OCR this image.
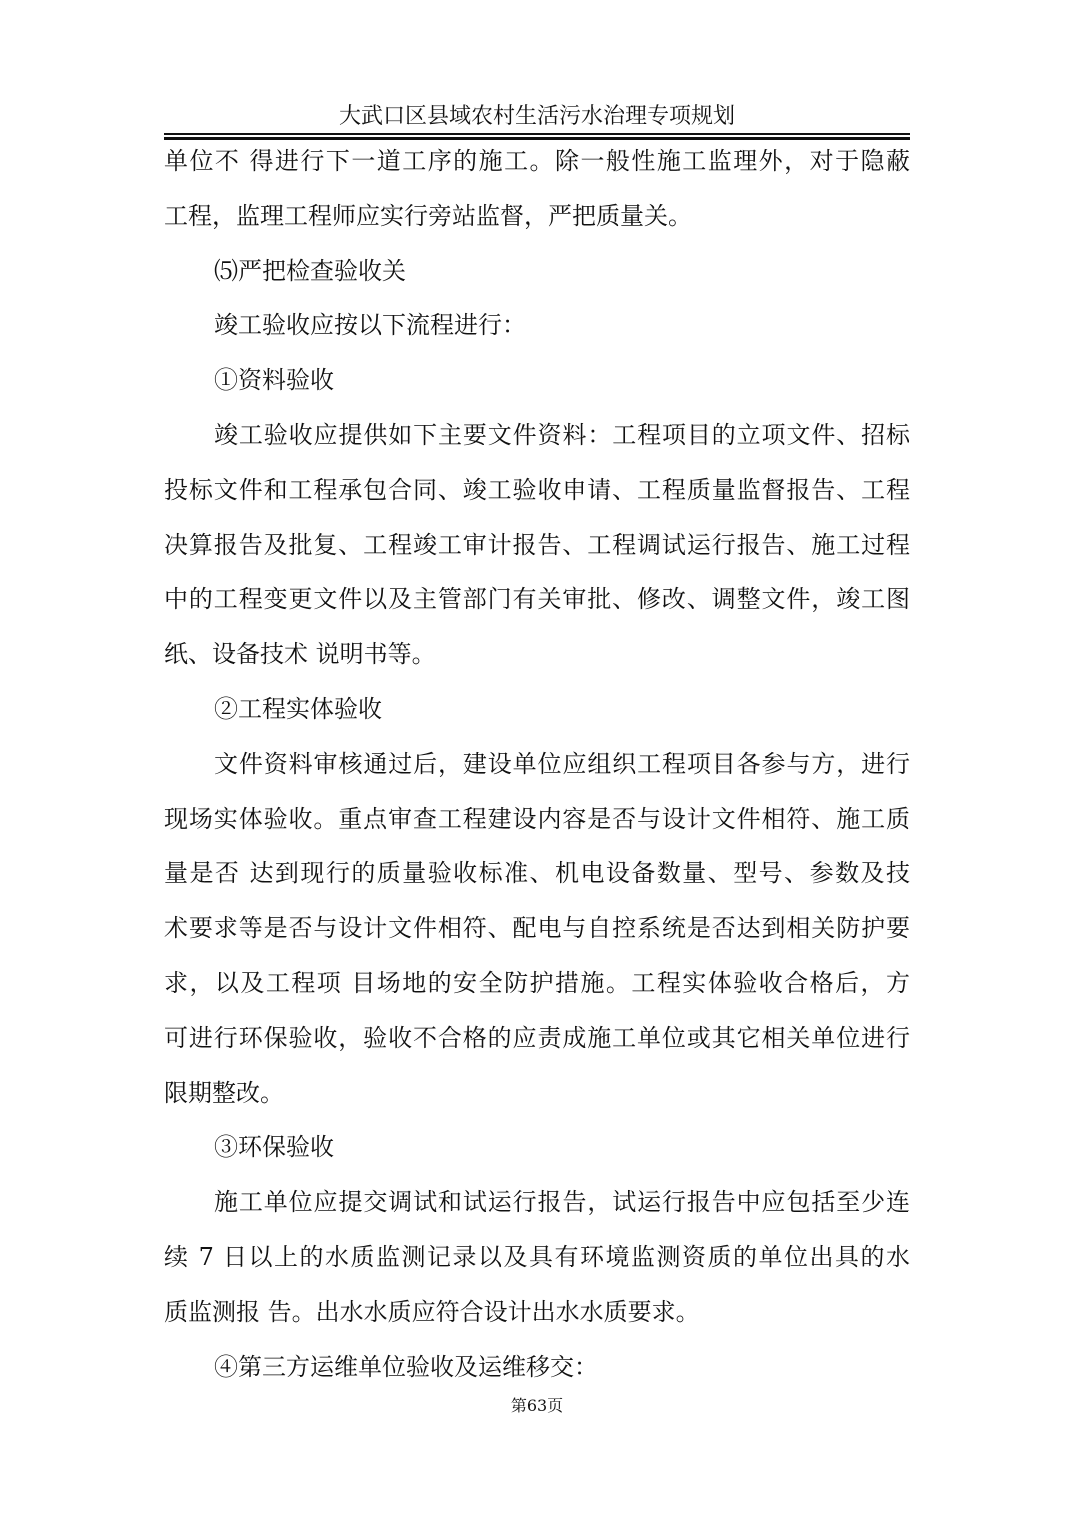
大武口区县域农村生活污水治理专项规划
单位不 得进行下一道工序的施工。除一般性施工监理外，对于隐蔽
工程，监理工程师应实行旁站监督，严把质量关。
⑸严把检查验收关
竣工验收应按以下流程进行：
①资料验收
竣工验收应提供如下主要文件资料：工程项目的立项文件、招标
投标文件和工程承包合同、竣工验收申请、工程质量监督报告、工程
决算报告及批复、工程竣工审计报告、工程调试运行报告、施工过程
中的工程变更文件以及主管部门有关审批、修改、调整文件，竣工图
纸、设备技术 说明书等。
②工程实体验收
文件资料审核通过后，建设单位应组织工程项目各参与方，进行
现场实体验收。重点审查工程建设内容是否与设计文件相符、施工质
量是否 达到现行的质量验收标准、机电设备数量、型号、参数及技
术要求等是否与设计文件相符、配电与自控系统是否达到相关防护要
求，以及工程项 目场地的安全防护措施。工程实体验收合格后，方
可进行环保验收，验收不合格的应责成施工单位或其它相关单位进行
限期整改。
③环保验收
施工单位应提交调试和试运行报告，试运行报告中应包括至少连
续 7 日以上的水质监测记录以及具有环境监测资质的单位出具的水
质监测报 告。出水水质应符合设计出水水质要求。
④第三方运维单位验收及运维移交：
第63页
